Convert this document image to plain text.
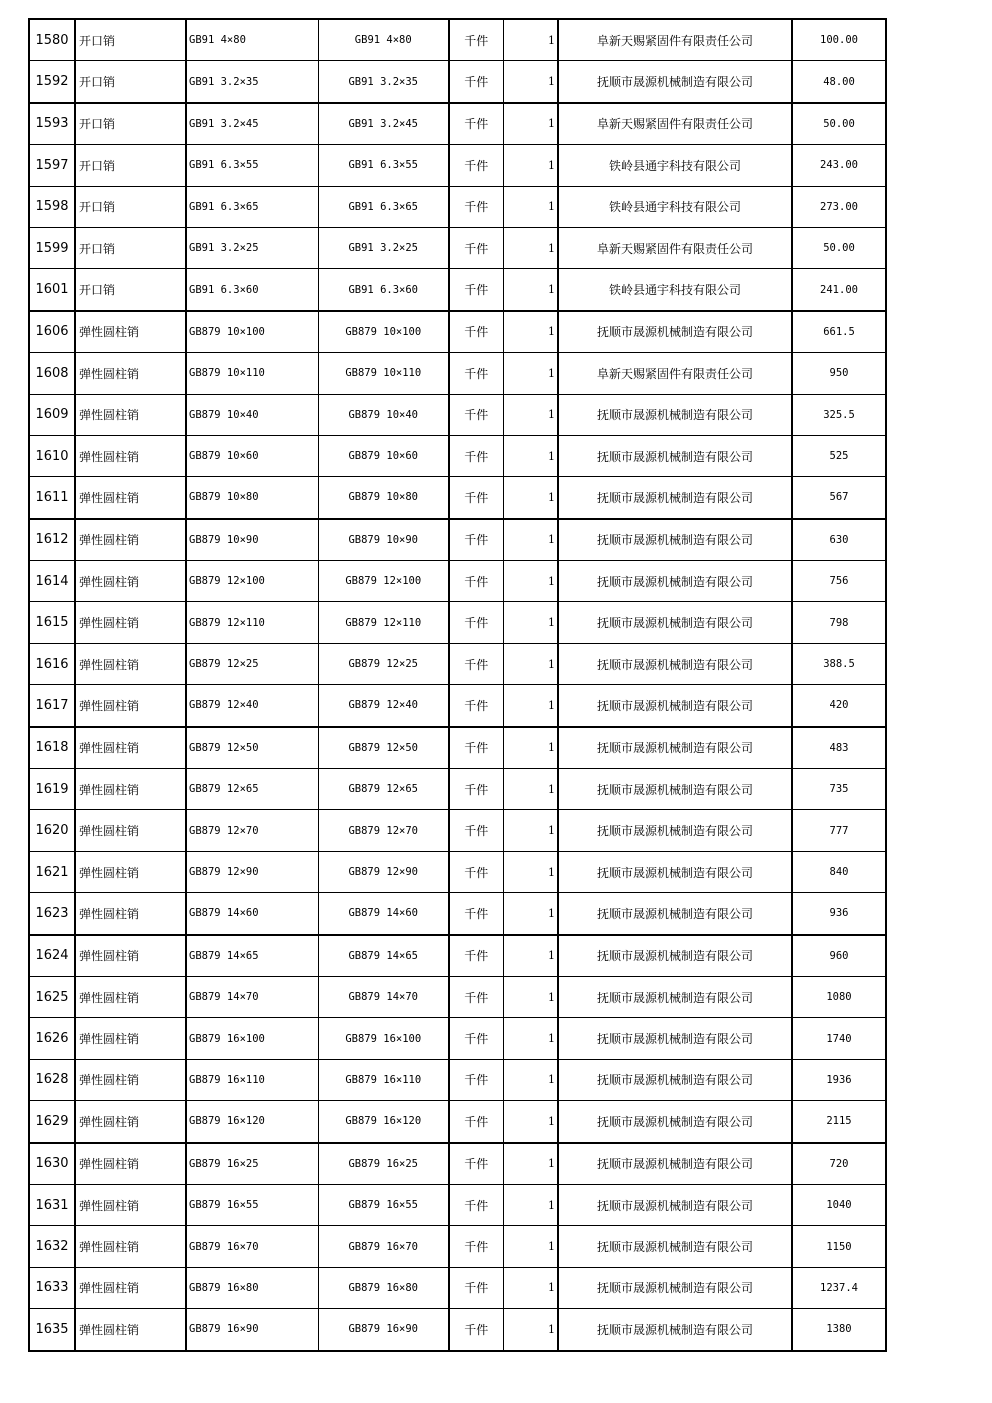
1580	开口销	GB91 4×80	GB91 4×80	千件	1	阜新天赐紧固件有限责任公司	100.00
1592	开口销	GB91 3.2×35	GB91 3.2×35	千件	1	抚顺市晟源机械制造有限公司	48.00
1593	开口销	GB91 3.2×45	GB91 3.2×45	千件	1	阜新天赐紧固件有限责任公司	50.00
1597	开口销	GB91 6.3×55	GB91 6.3×55	千件	1	铁岭县通宇科技有限公司	243.00
1598	开口销	GB91 6.3×65	GB91 6.3×65	千件	1	铁岭县通宇科技有限公司	273.00
1599	开口销	GB91 3.2×25	GB91 3.2×25	千件	1	阜新天赐紧固件有限责任公司	50.00
1601	开口销	GB91 6.3×60	GB91 6.3×60	千件	1	铁岭县通宇科技有限公司	241.00
1606	弹性圆柱销	GB879 10×100	GB879 10×100	千件	1	抚顺市晟源机械制造有限公司	661.5
1608	弹性圆柱销	GB879 10×110	GB879 10×110	千件	1	阜新天赐紧固件有限责任公司	950
1609	弹性圆柱销	GB879 10×40	GB879 10×40	千件	1	抚顺市晟源机械制造有限公司	325.5
1610	弹性圆柱销	GB879 10×60	GB879 10×60	千件	1	抚顺市晟源机械制造有限公司	525
1611	弹性圆柱销	GB879 10×80	GB879 10×80	千件	1	抚顺市晟源机械制造有限公司	567
1612	弹性圆柱销	GB879 10×90	GB879 10×90	千件	1	抚顺市晟源机械制造有限公司	630
1614	弹性圆柱销	GB879 12×100	GB879 12×100	千件	1	抚顺市晟源机械制造有限公司	756
1615	弹性圆柱销	GB879 12×110	GB879 12×110	千件	1	抚顺市晟源机械制造有限公司	798
1616	弹性圆柱销	GB879 12×25	GB879 12×25	千件	1	抚顺市晟源机械制造有限公司	388.5
1617	弹性圆柱销	GB879 12×40	GB879 12×40	千件	1	抚顺市晟源机械制造有限公司	420
1618	弹性圆柱销	GB879 12×50	GB879 12×50	千件	1	抚顺市晟源机械制造有限公司	483
1619	弹性圆柱销	GB879 12×65	GB879 12×65	千件	1	抚顺市晟源机械制造有限公司	735
1620	弹性圆柱销	GB879 12×70	GB879 12×70	千件	1	抚顺市晟源机械制造有限公司	777
1621	弹性圆柱销	GB879 12×90	GB879 12×90	千件	1	抚顺市晟源机械制造有限公司	840
1623	弹性圆柱销	GB879 14×60	GB879 14×60	千件	1	抚顺市晟源机械制造有限公司	936
1624	弹性圆柱销	GB879 14×65	GB879 14×65	千件	1	抚顺市晟源机械制造有限公司	960
1625	弹性圆柱销	GB879 14×70	GB879 14×70	千件	1	抚顺市晟源机械制造有限公司	1080
1626	弹性圆柱销	GB879 16×100	GB879 16×100	千件	1	抚顺市晟源机械制造有限公司	1740
1628	弹性圆柱销	GB879 16×110	GB879 16×110	千件	1	抚顺市晟源机械制造有限公司	1936
1629	弹性圆柱销	GB879 16×120	GB879 16×120	千件	1	抚顺市晟源机械制造有限公司	2115
1630	弹性圆柱销	GB879 16×25	GB879 16×25	千件	1	抚顺市晟源机械制造有限公司	720
1631	弹性圆柱销	GB879 16×55	GB879 16×55	千件	1	抚顺市晟源机械制造有限公司	1040
1632	弹性圆柱销	GB879 16×70	GB879 16×70	千件	1	抚顺市晟源机械制造有限公司	1150
1633	弹性圆柱销	GB879 16×80	GB879 16×80	千件	1	抚顺市晟源机械制造有限公司	1237.4
1635	弹性圆柱销	GB879 16×90	GB879 16×90	千件	1	抚顺市晟源机械制造有限公司	1380
